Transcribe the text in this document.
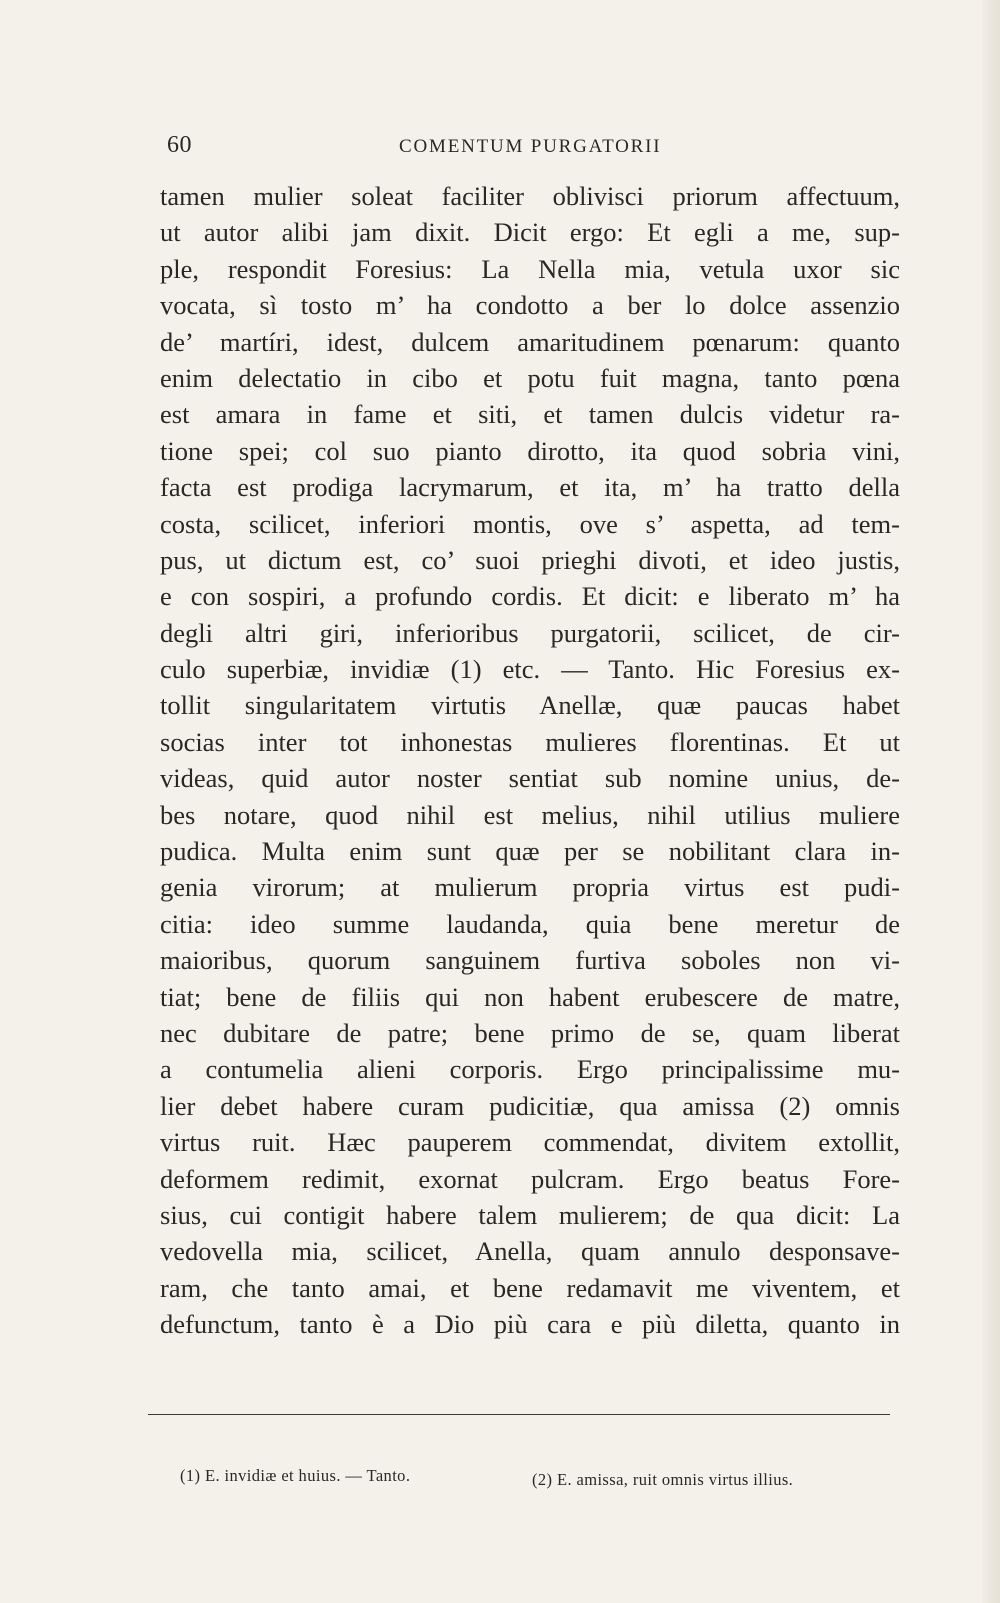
60	COMENTUM PURGATORII
tamen mulier soleat faciliter oblivisci priorum affectuum,
ut autor alibi jam dixit. Dicit ergo: Et egli a me, sup-
ple, respondit Foresius: La Nella mia, vetula uxor sic
vocata, sì tosto m’ ha condotto a ber lo dolce assenzio
de’ martíri, idest, dulcem amaritudinem pœnarum: quanto
enim delectatio in cibo et potu fuit magna, tanto pœna
est amara in fame et siti, et tamen dulcis videtur ra-
tione spei; col suo pianto dirotto, ita quod sobria vini,
facta est prodiga lacrymarum, et ita, m’ ha tratto della
costa, scilicet, inferiori montis, ove s’ aspetta, ad tem-
pus, ut dictum est, co’ suoi prieghi divoti, et ideo justis,
e con sospiri, a profundo cordis. Et dicit: e liberato m’ ha
degli altri giri, inferioribus purgatorii, scilicet, de cir-
culo superbiæ, invidiæ (1) etc. — Tanto. Hic Foresius ex-
tollit singularitatem virtutis Anellæ, quæ paucas habet
socias inter tot inhonestas mulieres florentinas. Et ut
videas, quid autor noster sentiat sub nomine unius, de-
bes notare, quod nihil est melius, nihil utilius muliere
pudica. Multa enim sunt quæ per se nobilitant clara in-
genia virorum; at mulierum propria virtus est pudi-
citia: ideo summe laudanda, quia bene meretur de
maioribus, quorum sanguinem furtiva soboles non vi-
tiat; bene de filiis qui non habent erubescere de matre,
nec dubitare de patre; bene primo de se, quam liberat
a contumelia alieni corporis. Ergo principalissime mu-
lier debet habere curam pudicitiæ, qua amissa (2) omnis
virtus ruit. Hæc pauperem commendat, divitem extollit,
deformem redimit, exornat pulcram. Ergo beatus Fore-
sius, cui contigit habere talem mulierem; de qua dicit: La
vedovella mia, scilicet, Anella, quam annulo desponsave-
ram, che tanto amai, et bene redamavit me viventem, et
defunctum, tanto è a Dio più cara e più diletta, quanto in
(1) E. invidiæ et huius. — Tanto.	(2) E. amissa, ruit omnis virtus illius.
